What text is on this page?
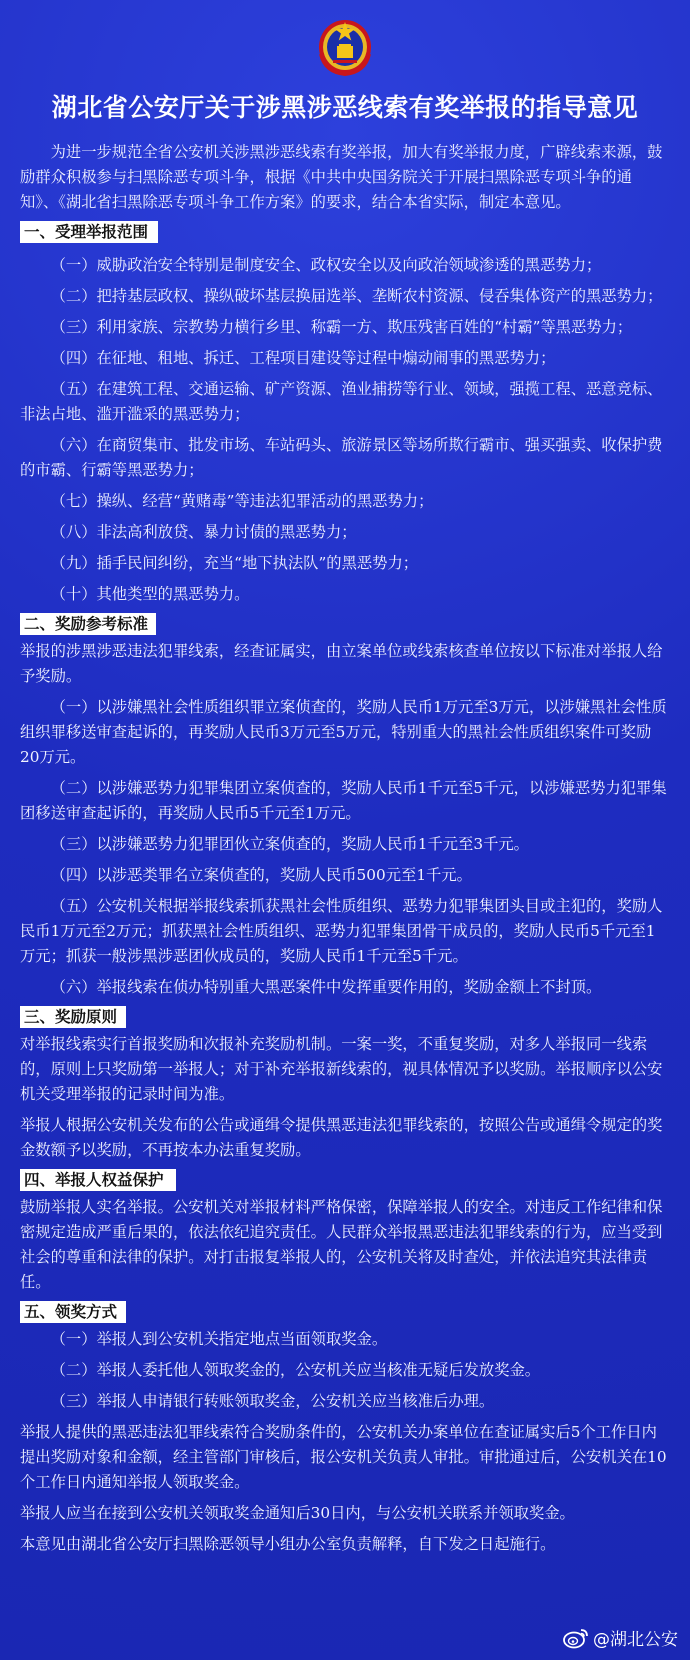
湖北省公安厅关于涉黑涉恶线索有奖举报的指导意见

为进一步规范全省公安机关涉黑涉恶线索有奖举报，加大有奖举报力度，广辟线索来源，鼓励群众积极参与扫黑除恶专项斗争，根据《中共中央国务院关于开展扫黑除恶专项斗争的通知》、《湖北省扫黑除恶专项斗争工作方案》的要求，结合本省实际，制定本意见。

一、受理举报范围

（一）威胁政治安全特别是制度安全、政权安全以及向政治领域渗透的黑恶势力；

（二）把持基层政权、操纵破坏基层换届选举、垄断农村资源、侵吞集体资产的黑恶势力；

（三）利用家族、宗教势力横行乡里、称霸一方、欺压残害百姓的“村霸”等黑恶势力；

（四）在征地、租地、拆迁、工程项目建设等过程中煽动闹事的黑恶势力；

（五）在建筑工程、交通运输、矿产资源、渔业捕捞等行业、领域，强揽工程、恶意竞标、非法占地、滥开滥采的黑恶势力；

（六）在商贸集市、批发市场、车站码头、旅游景区等场所欺行霸市、强买强卖、收保护费的市霸、行霸等黑恶势力；

（七）操纵、经营“黄赌毒”等违法犯罪活动的黑恶势力；

（八）非法高利放贷、暴力讨债的黑恶势力；

（九）插手民间纠纷，充当“地下执法队”的黑恶势力；

（十）其他类型的黑恶势力。

二、奖励参考标准

举报的涉黑涉恶违法犯罪线索，经查证属实，由立案单位或线索核查单位按以下标准对举报人给予奖励。

（一）以涉嫌黑社会性质组织罪立案侦查的，奖励人民币1万元至3万元，以涉嫌黑社会性质组织罪移送审查起诉的，再奖励人民币3万元至5万元，特别重大的黑社会性质组织案件可奖励20万元。

（二）以涉嫌恶势力犯罪集团立案侦查的，奖励人民币1千元至5千元，以涉嫌恶势力犯罪集团移送审查起诉的，再奖励人民币5千元至1万元。

（三）以涉嫌恶势力犯罪团伙立案侦查的，奖励人民币1千元至3千元。

（四）以涉恶类罪名立案侦查的，奖励人民币500元至1千元。

（五）公安机关根据举报线索抓获黑社会性质组织、恶势力犯罪集团头目或主犯的，奖励人民币1万元至2万元；抓获黑社会性质组织、恶势力犯罪集团骨干成员的，奖励人民币5千元至1万元；抓获一般涉黑涉恶团伙成员的，奖励人民币1千元至5千元。

（六）举报线索在侦办特别重大黑恶案件中发挥重要作用的，奖励金额上不封顶。

三、奖励原则

对举报线索实行首报奖励和次报补充奖励机制。一案一奖，不重复奖励，对多人举报同一线索的，原则上只奖励第一举报人；对于补充举报新线索的，视具体情况予以奖励。举报顺序以公安机关受理举报的记录时间为准。

举报人根据公安机关发布的公告或通缉令提供黑恶违法犯罪线索的，按照公告或通缉令规定的奖金数额予以奖励，不再按本办法重复奖励。

四、举报人权益保护

鼓励举报人实名举报。公安机关对举报材料严格保密，保障举报人的安全。对违反工作纪律和保密规定造成严重后果的，依法依纪追究责任。人民群众举报黑恶违法犯罪线索的行为，应当受到社会的尊重和法律的保护。对打击报复举报人的，公安机关将及时查处，并依法追究其法律责任。

五、领奖方式

（一）举报人到公安机关指定地点当面领取奖金。

（二）举报人委托他人领取奖金的，公安机关应当核准无疑后发放奖金。

（三）举报人申请银行转账领取奖金，公安机关应当核准后办理。

举报人提供的黑恶违法犯罪线索符合奖励条件的，公安机关办案单位在查证属实后5个工作日内提出奖励对象和金额，经主管部门审核后，报公安机关负责人审批。审批通过后，公安机关在10个工作日内通知举报人领取奖金。

举报人应当在接到公安机关领取奖金通知后30日内，与公安机关联系并领取奖金。

本意见由湖北省公安厅扫黑除恶领导小组办公室负责解释，自下发之日起施行。

@湖北公安
